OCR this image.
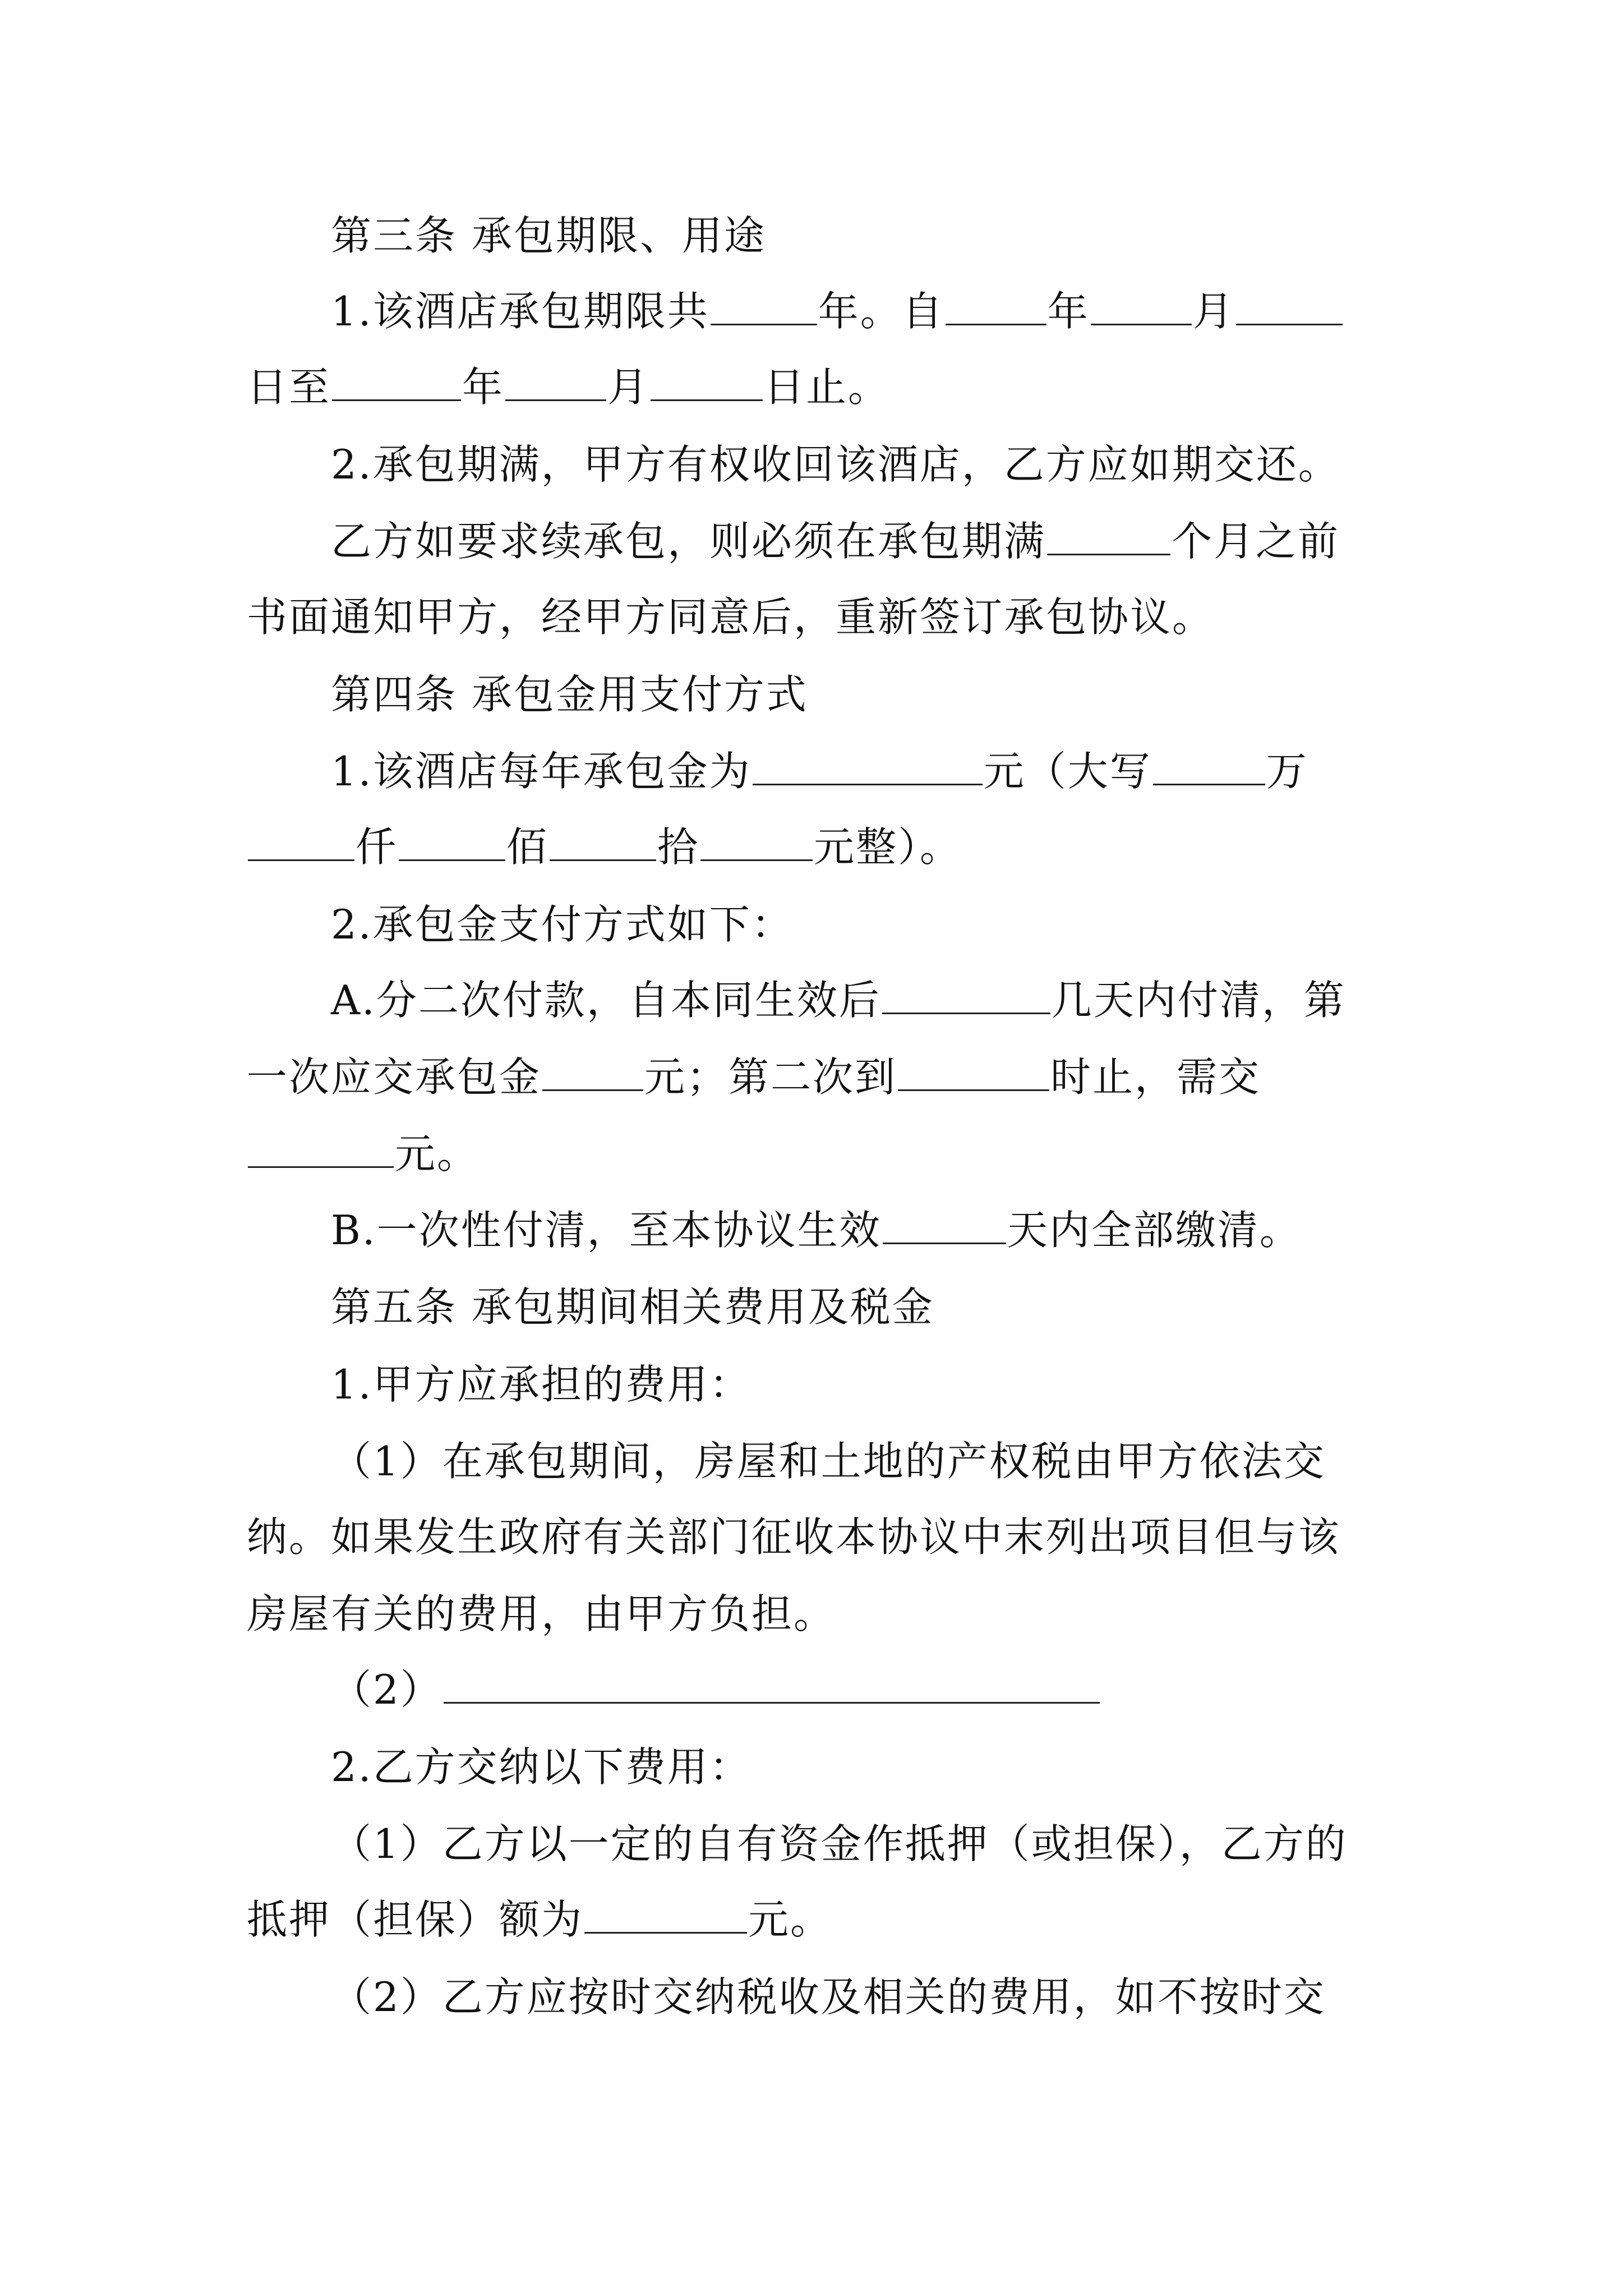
第三条 承包期限、用途
1.该酒店承包期限共	年。自	年	月
日至	年	月	日止。
2.承包期满，甲方有权收回该酒店，乙方应如期交还。
乙方如要求续承包，则必须在承包期满	个月之前
书面通知甲方，经甲方同意后，重新签订承包协议。
第四条 承包金用支付方式
1.该酒店每年承包金为	元（大写	万
仟	佰	拾	元整）。
2.承包金支付方式如下：
A.分二次付款，自本同生效后	几天内付清，第
一次应交承包金	元；第二次到	时止，需交
元。
B.一次性付清，至本协议生效	天内全部缴清。
第五条 承包期间相关费用及税金
1.甲方应承担的费用：
（1）在承包期间，房屋和土地的产权税由甲方依法交
纳。如果发生政府有关部门征收本协议中末列出项目但与该
房屋有关的费用，由甲方负担。
（2）
2.乙方交纳以下费用：
（1）乙方以一定的自有资金作抵押（或担保），乙方的
抵押（担保）额为	元。
（2）乙方应按时交纳税收及相关的费用，如不按时交
